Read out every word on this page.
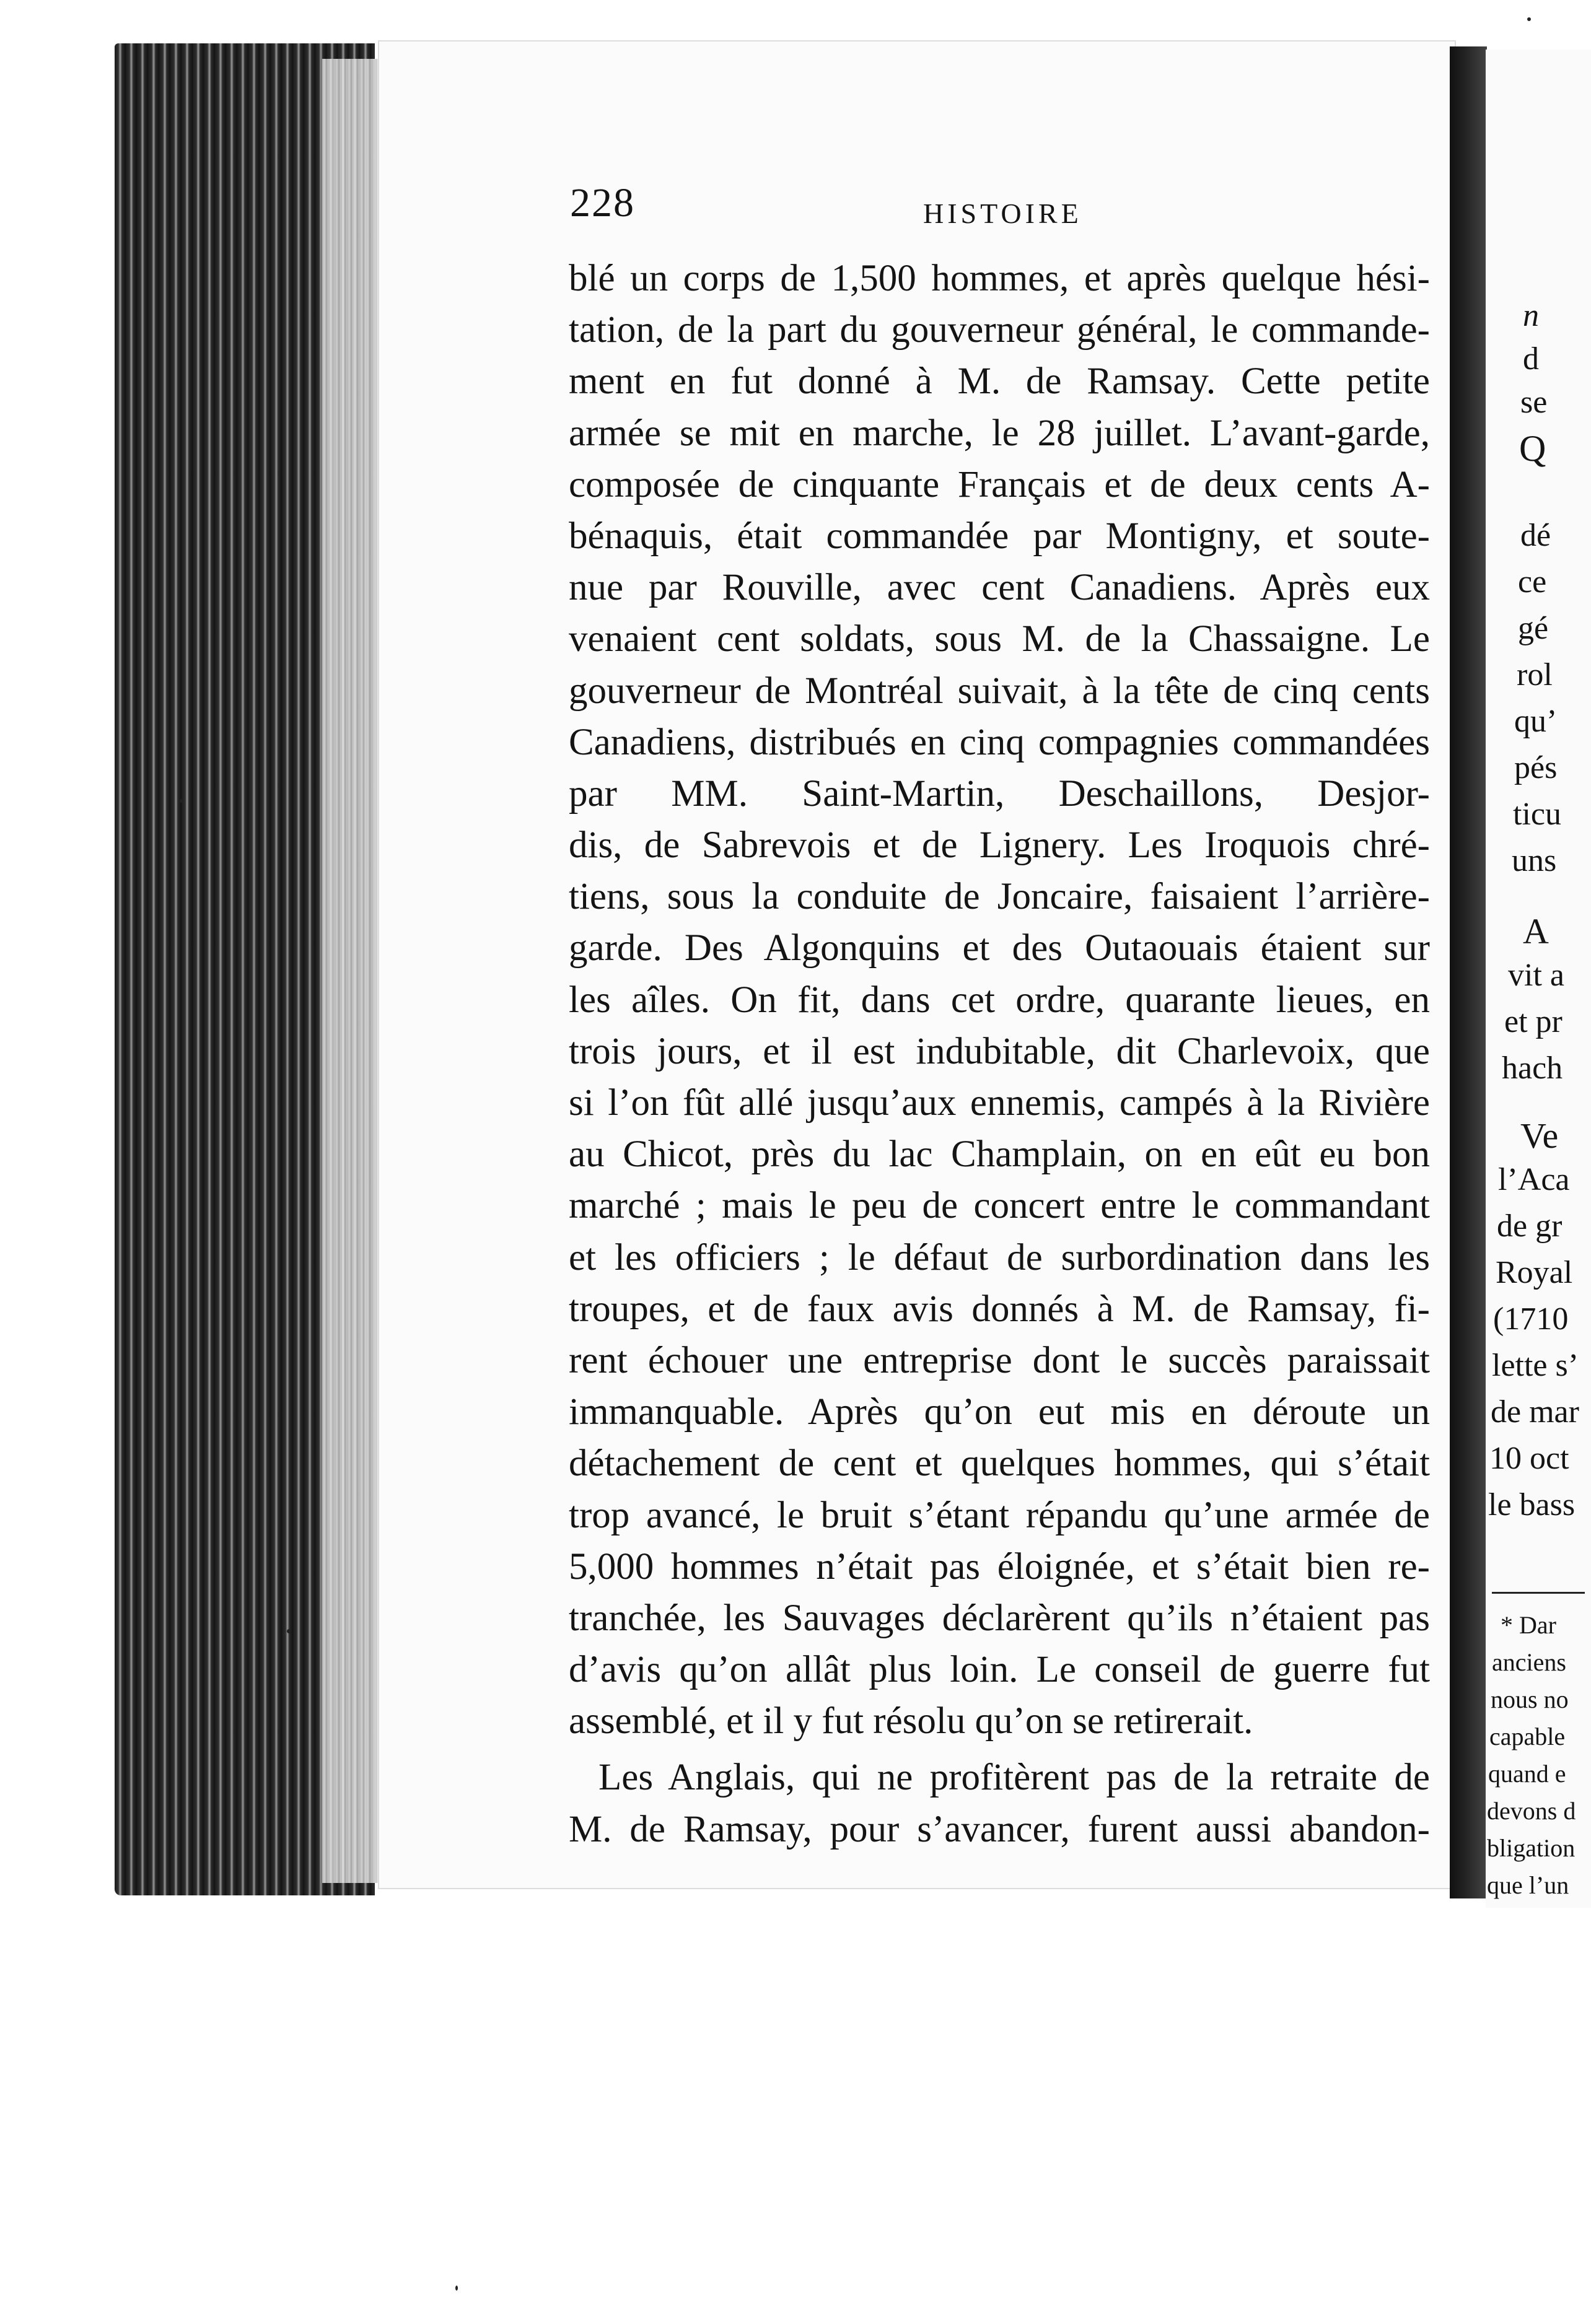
228	HISTOIRE
blé un corps de 1,500 hommes, et après quelque hési-
tation, de la part du gouverneur général, le commande-
ment en fut donné à M. de Ramsay. Cette petite
armée se mit en marche, le 28 juillet. L’avant-garde,
composée de cinquante Français et de deux cents A-
bénaquis, était commandée par Montigny, et soute-
nue par Rouville, avec cent Canadiens. Après eux
venaient cent soldats, sous M. de la Chassaigne. Le
gouverneur de Montréal suivait, à la tête de cinq cents
Canadiens, distribués en cinq compagnies commandées
par MM. Saint-Martin, Deschaillons, Desjor-
dis, de Sabrevois et de Lignery. Les Iroquois chré-
tiens, sous la conduite de Joncaire, faisaient l’arrière-
garde. Des Algonquins et des Outaouais étaient sur
les aîles. On fit, dans cet ordre, quarante lieues, en
trois jours, et il est indubitable, dit Charlevoix, que
si l’on fût allé jusqu’aux ennemis, campés à la Rivière
au Chicot, près du lac Champlain, on en eût eu bon
marché ; mais le peu de concert entre le commandant
et les officiers ; le défaut de surbordination dans les
troupes, et de faux avis donnés à M. de Ramsay, fi-
rent échouer une entreprise dont le succès paraissait
immanquable. Après qu’on eut mis en déroute un
détachement de cent et quelques hommes, qui s’était
trop avancé, le bruit s’étant répandu qu’une armée de
5,000 hommes n’était pas éloignée, et s’était bien re-
tranchée, les Sauvages déclarèrent qu’ils n’étaient pas
d’avis qu’on allât plus loin. Le conseil de guerre fut
assemblé, et il y fut résolu qu’on se retirerait.
Les Anglais, qui ne profitèrent pas de la retraite de
M. de Ramsay, pour s’avancer, furent aussi abandon-
n
d
se
Q
dé
ce
gé
rol
qu’
pés
ticu
uns
A
vit a
et pr
hach
Ve
l’Aca
de gr
Royal
(1710
lette s’
de mar
10 oct
le bass
* Dar
anciens
nous no
capable
quand e
devons d
bligation
que l’un
